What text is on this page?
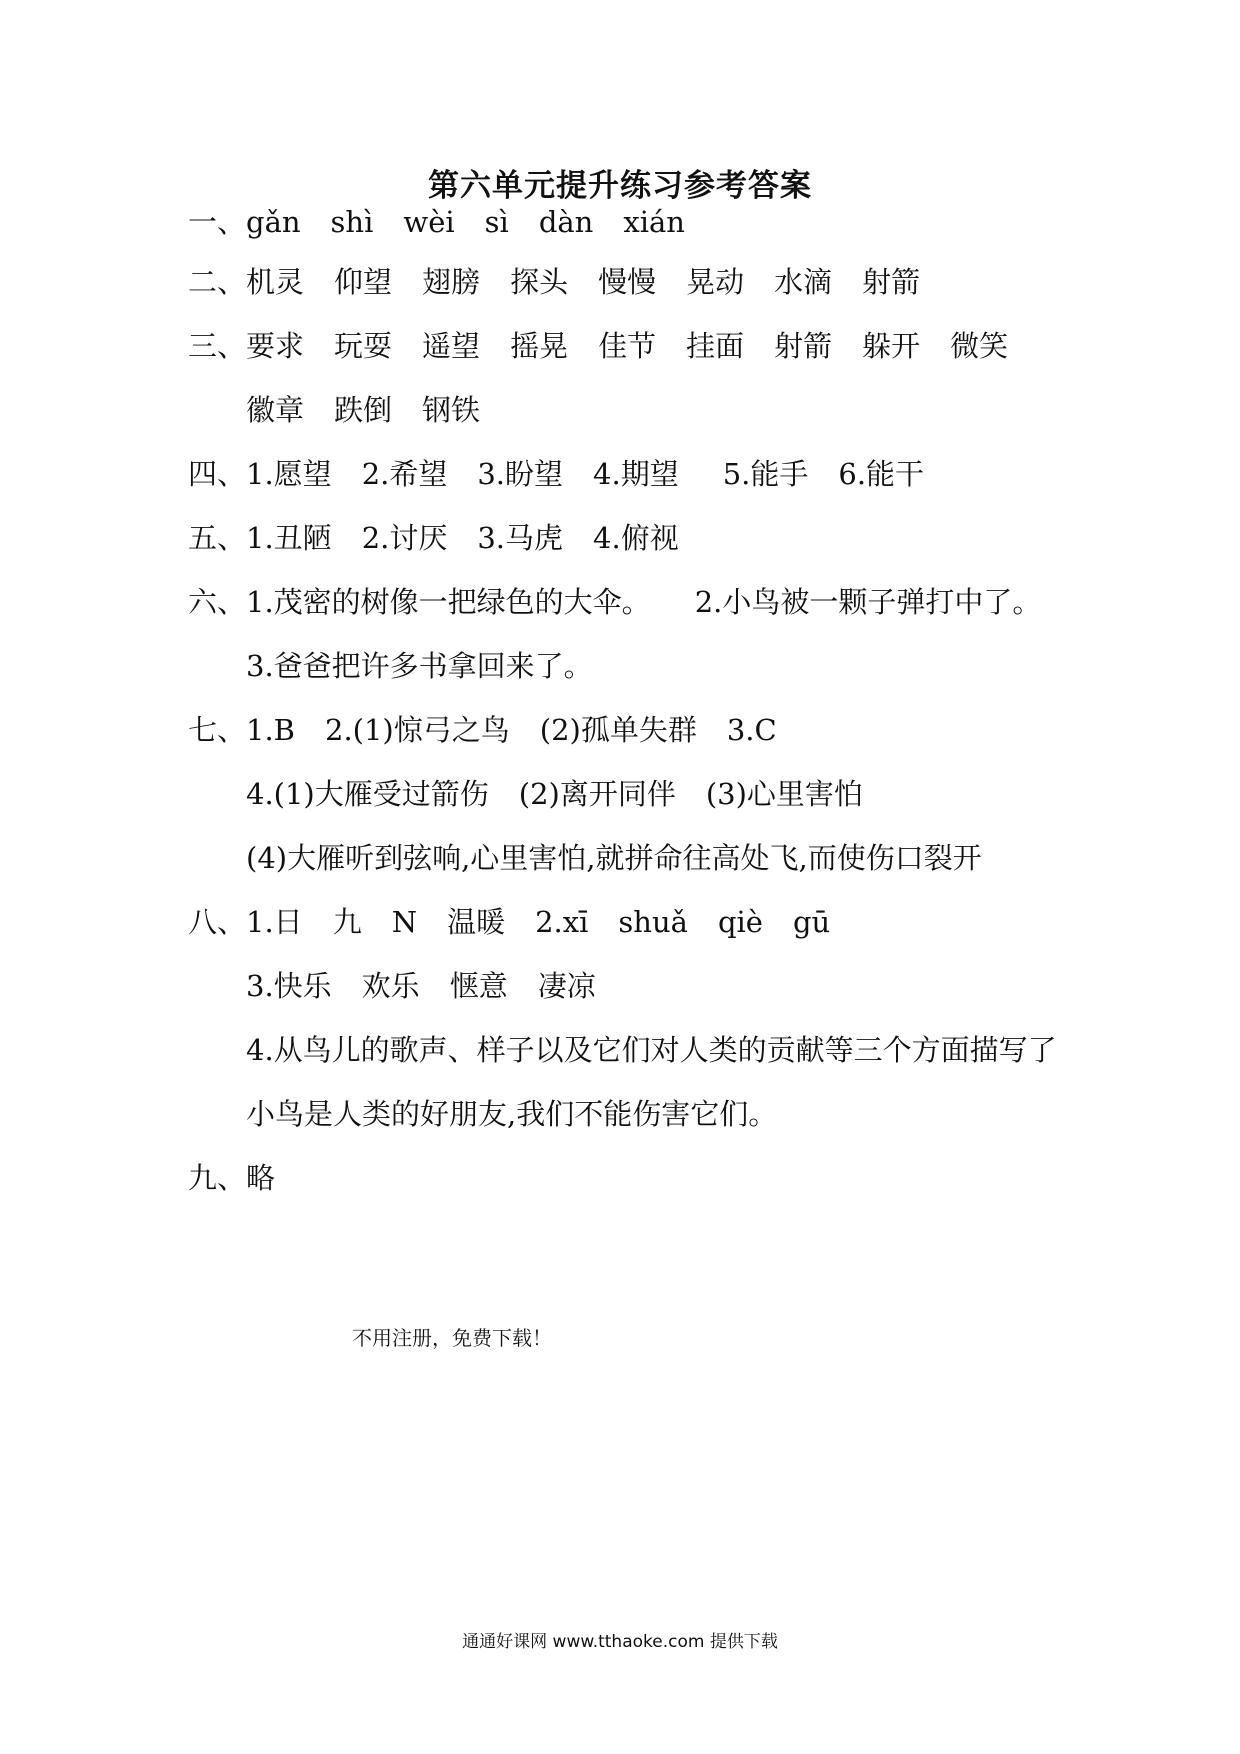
第六单元提升练习参考答案
一、gǎn shì wèi sì dàn xián
二、机灵 仰望 翅膀 探头 慢慢 晃动 水滴 射箭
三、要求 玩耍 遥望 摇晃 佳节 挂面 射箭 躲开 微笑
徽章 跌倒 钢铁
四、1.愿望 2.希望 3.盼望 4.期望 5.能手 6.能干
五、1.丑陋 2.讨厌 3.马虎 4.俯视
六、1.茂密的树像一把绿色的大伞。 2.小鸟被一颗子弹打中了。
3.爸爸把许多书拿回来了。
七、1.B 2.(1)惊弓之鸟 (2)孤单失群 3.C
4.(1)大雁受过箭伤 (2)离开同伴 (3)心里害怕
(4)大雁听到弦响,心里害怕,就拼命往高处飞,而使伤口裂开
八、1.日 九 N 温暖 2.xī shuǎ qiè gū
3.快乐 欢乐 惬意 凄凉
4.从鸟儿的歌声、样子以及它们对人类的贡献等三个方面描写了
小鸟是人类的好朋友,我们不能伤害它们。
九、略
不用注册，免费下载！
通通好课网 www.tthaoke.com 提供下载
